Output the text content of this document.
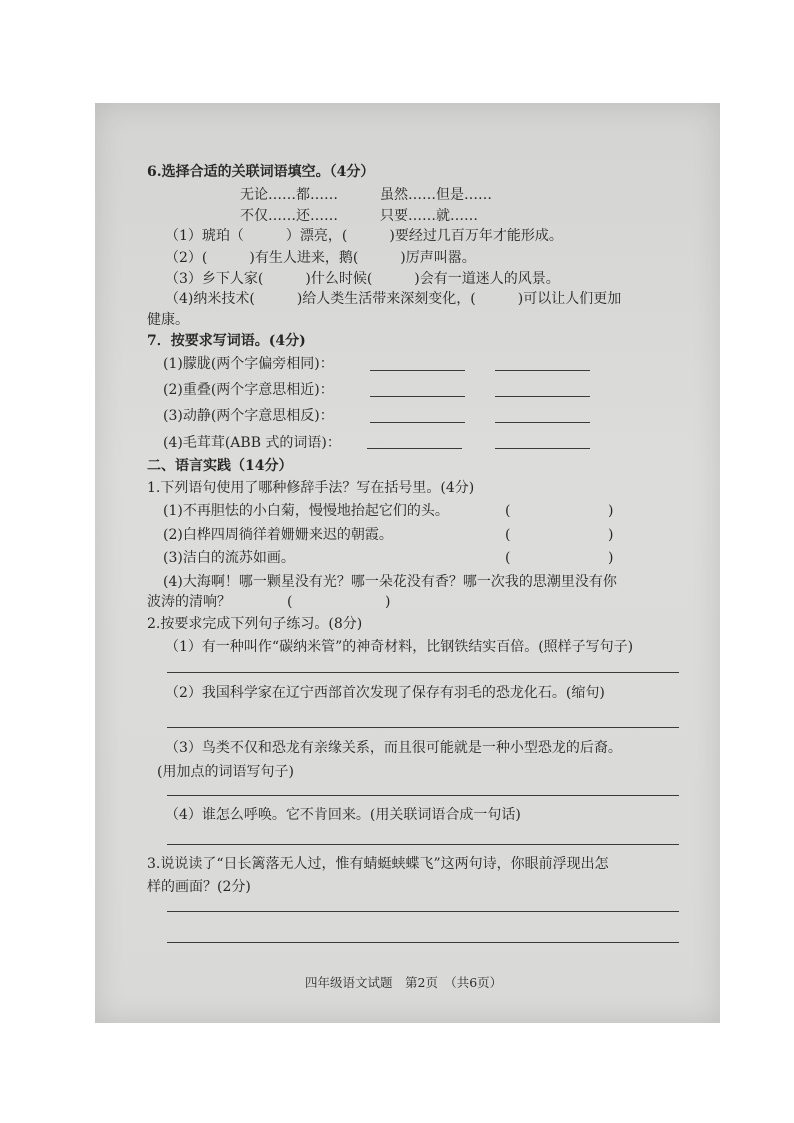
6.选择合适的关联词语填空。（4分）
无论……都……	虽然……但是……
不仅……还……	只要……就……
（1）琥珀（　　　）漂亮，(　　　)要经过几百万年才能形成。
（2）(　　　)有生人进来，鹅(　　　)厉声叫嚣。
（3）乡下人家(　　　)什么时候(　　　)会有一道迷人的风景。
（4)纳米技术(　　　)给人类生活带来深刻变化，(　　　)可以让人们更加
健康。
7．按要求写词语。(4分)
(1)朦胧(两个字偏旁相同)：
(2)重叠(两个字意思相近)：
(3)动静(两个字意思相反)：
(4)毛茸茸(ABB 式的词语)：
二、语言实践（14分）
1.下列语句使用了哪种修辞手法？写在括号里。(4分)
(1)不再胆怯的小白菊，慢慢地抬起它们的头。	(	)
(2)白桦四周徜徉着姗姗来迟的朝霞。	(	)
(3)洁白的流苏如画。	(	)
(4)大海啊！哪一颗星没有光？哪一朵花没有香？哪一次我的思潮里没有你
波涛的清响？	(	)
2.按要求完成下列句子练习。(8分)
（1）有一种叫作“碳纳米管”的神奇材料，比钢铁结实百倍。(照样子写句子)
（2）我国科学家在辽宁西部首次发现了保存有羽毛的恐龙化石。(缩句)
（3）鸟类不仅和恐龙有亲缘关系，而且很可能就是一种小型恐龙的后裔。
(用加点的词语写句子)
（4）谁怎么呼唤。它不肯回来。(用关联词语合成一句话)
3.说说读了“日长篱落无人过，惟有蜻蜓蛱蝶飞”这两句诗，你眼前浮现出怎
样的画面？(2分)
四年级语文试题　第2页　（共6页）
